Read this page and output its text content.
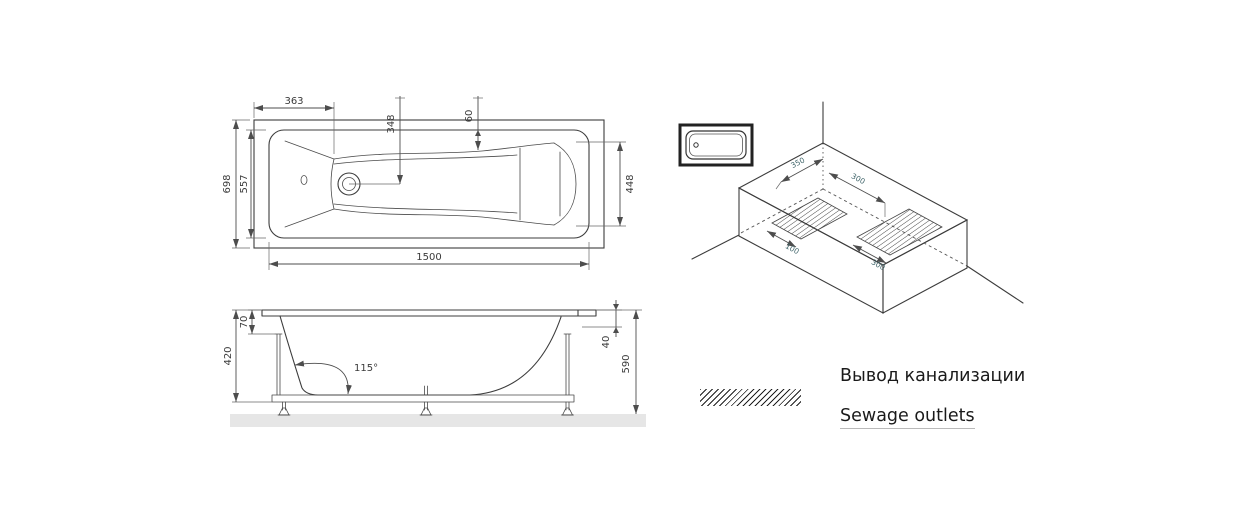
363
348	60
698 557	448
1500
115°
70
420
40
590
350
300
100
300
Вывод канализации
Sewage outlets
